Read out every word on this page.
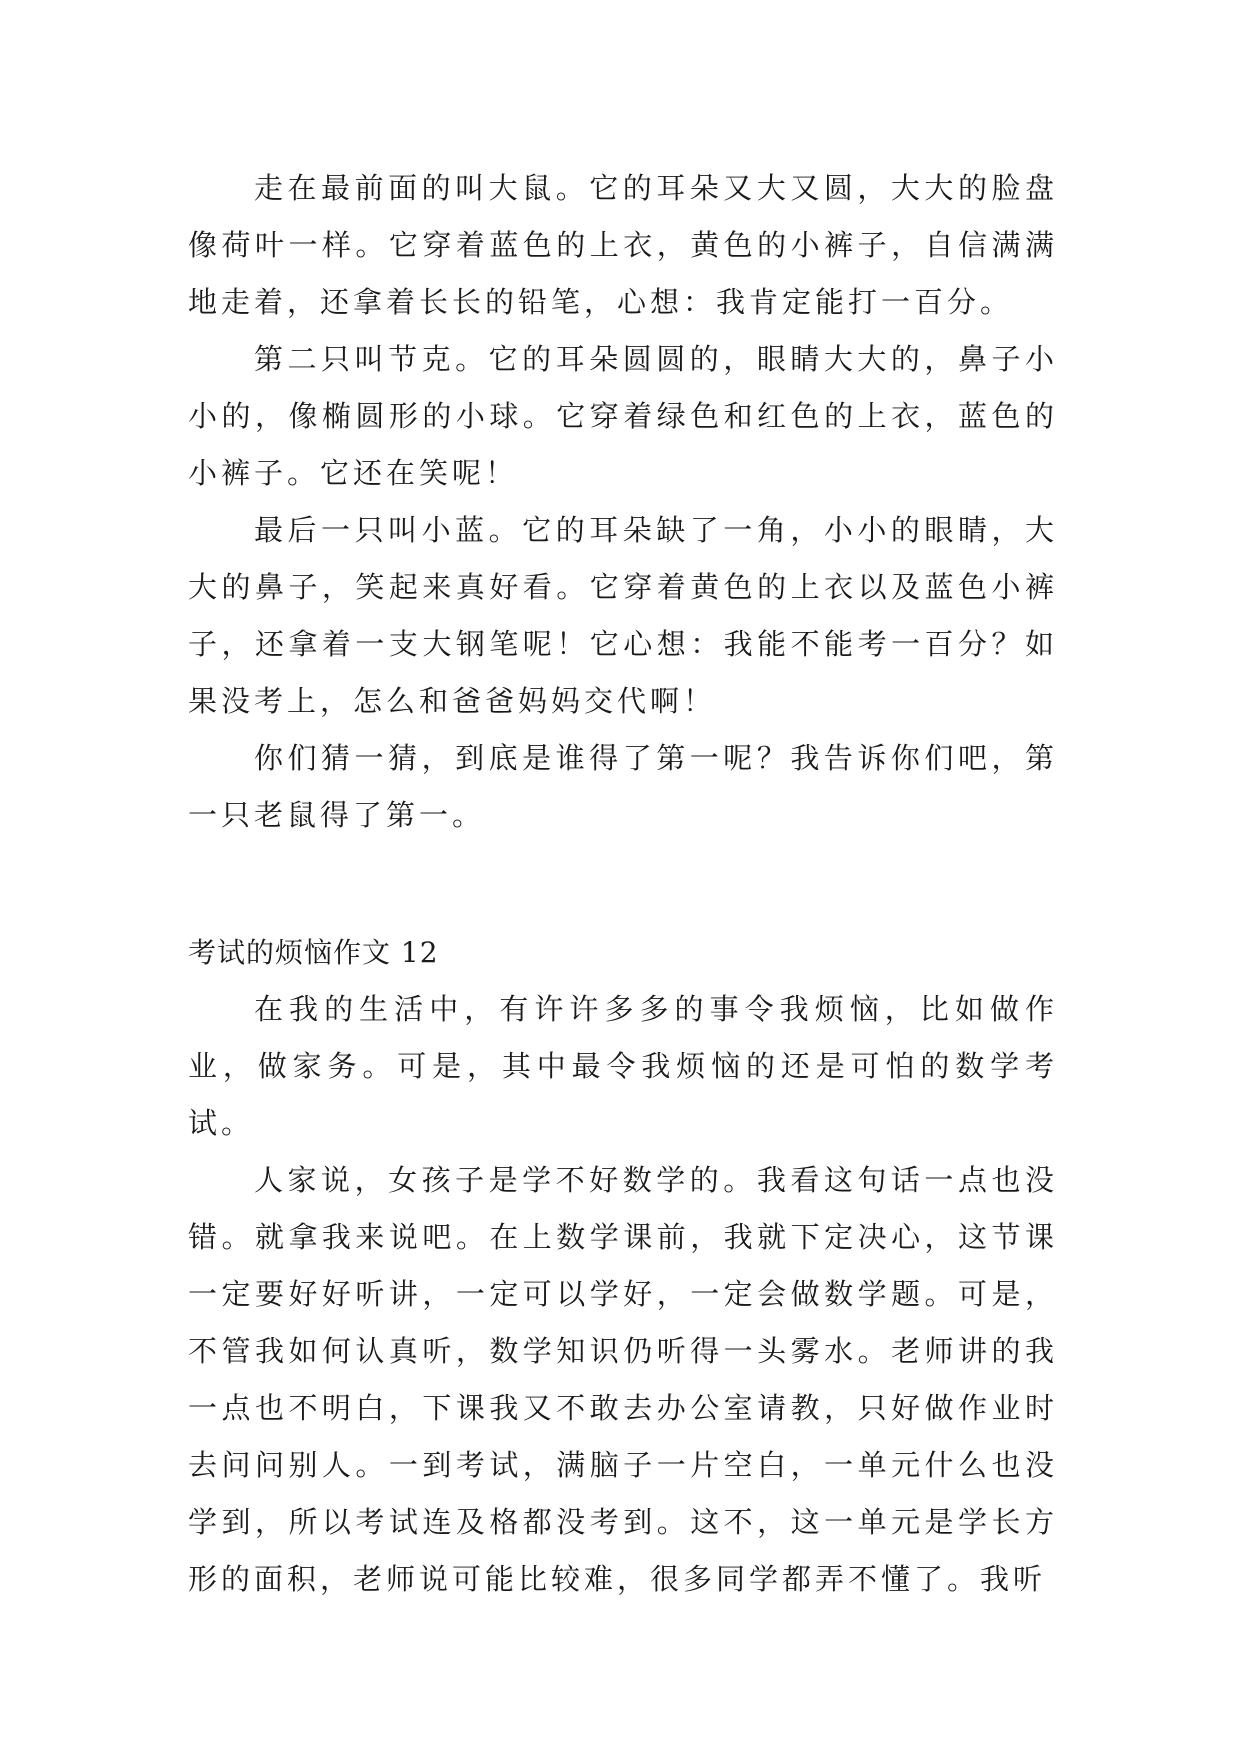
走在最前面的叫大鼠。它的耳朵又大又圆，大大的脸盘像荷叶一样。它穿着蓝色的上衣，黄色的小裤子，自信满满地走着，还拿着长长的铅笔，心想：我肯定能打一百分。

第二只叫节克。它的耳朵圆圆的，眼睛大大的，鼻子小小的，像椭圆形的小球。它穿着绿色和红色的上衣，蓝色的小裤子。它还在笑呢！

最后一只叫小蓝。它的耳朵缺了一角，小小的眼睛，大大的鼻子，笑起来真好看。它穿着黄色的上衣以及蓝色小裤子，还拿着一支大钢笔呢！它心想：我能不能考一百分？如果没考上，怎么和爸爸妈妈交代啊！

你们猜一猜，到底是谁得了第一呢？我告诉你们吧，第一只老鼠得了第一。

考试的烦恼作文 12

在我的生活中，有许许多多的事令我烦恼，比如做作业，做家务。可是，其中最令我烦恼的还是可怕的数学考试。

人家说，女孩子是学不好数学的。我看这句话一点也没错。就拿我来说吧。在上数学课前，我就下定决心，这节课一定要好好听讲，一定可以学好，一定会做数学题。可是，不管我如何认真听，数学知识仍听得一头雾水。老师讲的我一点也不明白，下课我又不敢去办公室请教，只好做作业时去问问别人。一到考试，满脑子一片空白，一单元什么也没学到，所以考试连及格都没考到。这不，这一单元是学长方形的面积，老师说可能比较难，很多同学都弄不懂了。我听
